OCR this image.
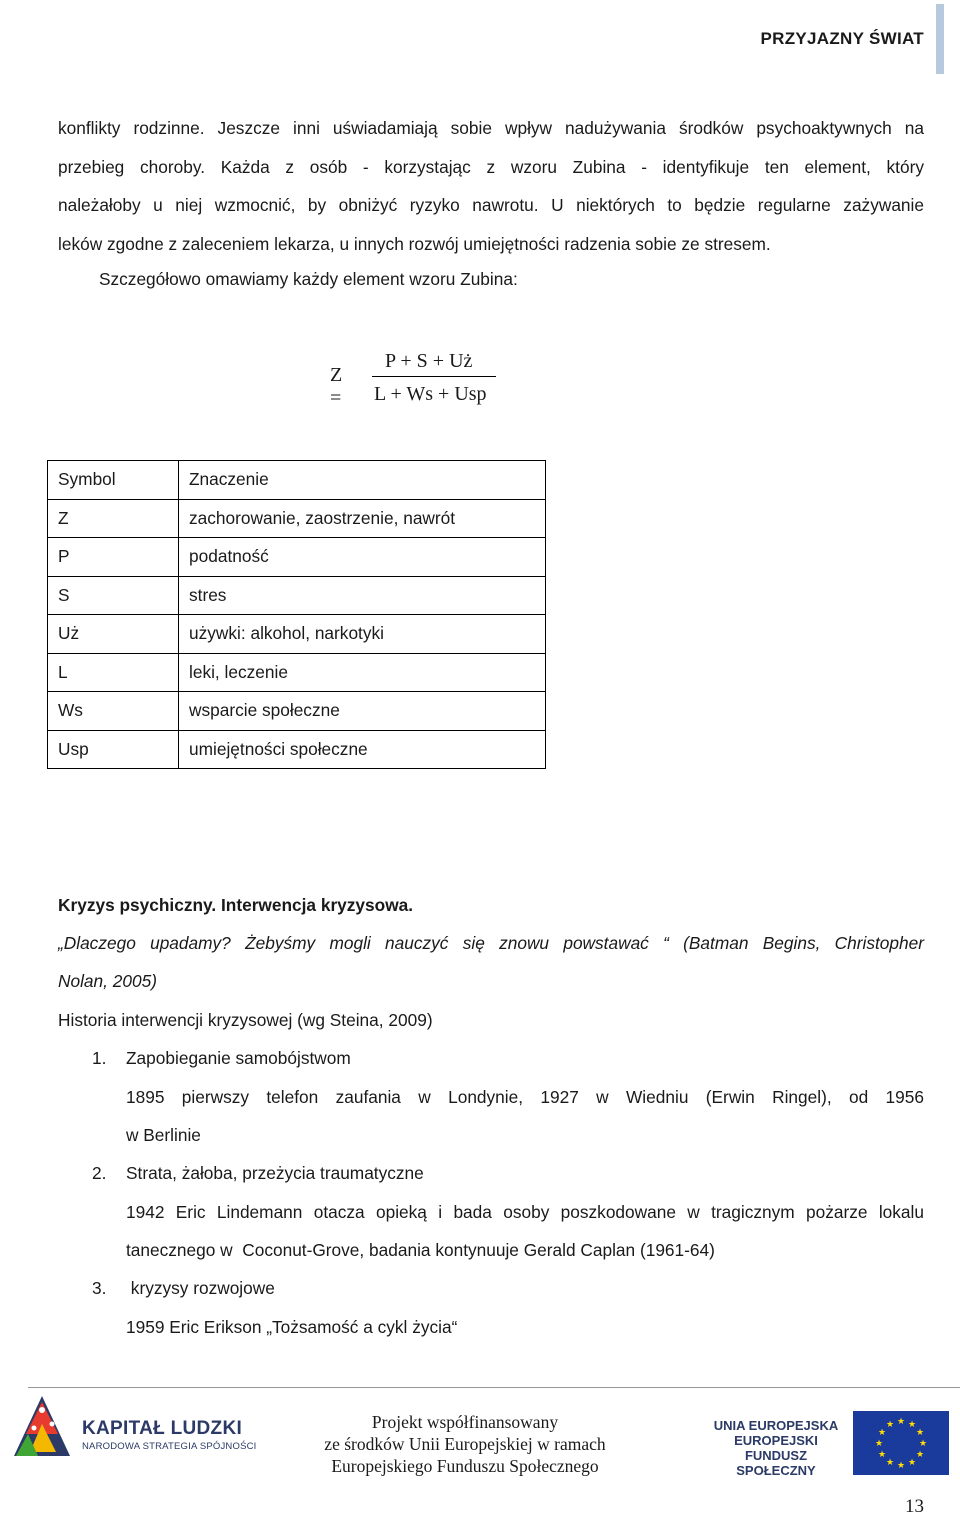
PRZYJAZNY ŚWIAT
konflikty rodzinne. Jeszcze inni uświadamiają sobie wpływ nadużywania środków psychoaktywnych na
przebieg choroby. Każda z osób - korzystając z wzoru Zubina - identyfikuje ten element, który
należałoby u niej wzmocnić, by obniżyć ryzyko nawrotu. U niektórych to będzie regularne zażywanie
leków zgodne z zaleceniem lekarza, u innych rozwój umiejętności radzenia sobie ze stresem.
Szczegółowo omawiamy każdy element wzoru Zubina:
Z =
P + S + Uż
L + Ws + Usp
Symbol	Znaczenie
Z	zachorowanie, zaostrzenie, nawrót
P	podatność
S	stres
Uż	używki: alkohol, narkotyki
L	leki, leczenie
Ws	wsparcie społeczne
Usp	umiejętności społeczne
Kryzys psychiczny. Interwencja kryzysowa.
„Dlaczego upadamy? Żebyśmy mogli nauczyć się znowu powstawać “ (Batman Begins, Christopher
Nolan, 2005)
Historia interwencji kryzysowej (wg Steina, 2009)
1. Zapobieganie samobójstwom
1895 pierwszy telefon zaufania w Londynie, 1927 w Wiedniu (Erwin Ringel), od 1956
w Berlinie
2. Strata, żałoba, przeżycia traumatyczne
1942 Eric Lindemann otacza opieką i bada osoby poszkodowane w tragicznym pożarze lokalu
tanecznego w  Coconut-Grove, badania kontynuuje Gerald Caplan (1961-64)
3. kryzysy rozwojowe
1959 Eric Erikson „Tożsamość a cykl życia“
KAPITAŁ LUDZKI
NARODOWA STRATEGIA SPÓJNOŚCI
Projekt współfinansowany
ze środków Unii Europejskiej w ramach
Europejskiego Funduszu Społecznego
UNIA EUROPEJSKA
EUROPEJSKI
FUNDUSZ SPOŁECZNY
★ ★
★
★
★
★
★
★
★
★
★
★
13
